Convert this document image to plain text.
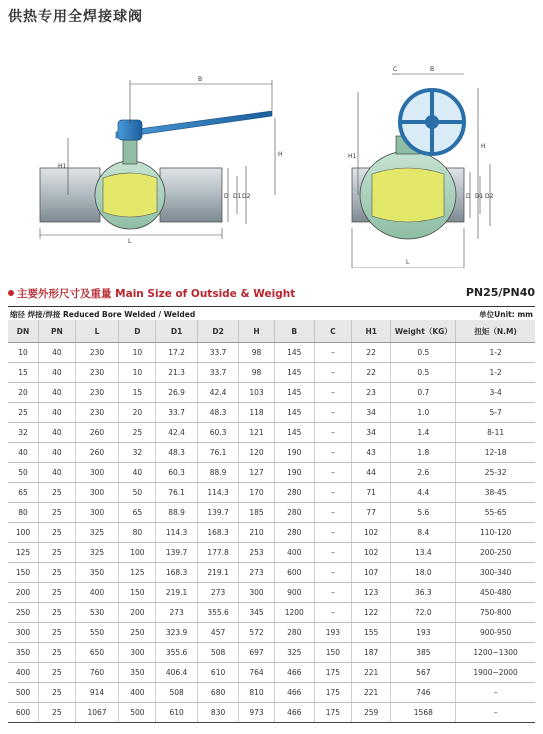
供热专用全焊接球阀
B
H1
H
D D1 D2
L
C	B
H
H1
D D1 D2
L
主要外形尺寸及重量 Main Size of Outside & Weight	PN25/PN40
缩径 焊接/焊接 Reduced Bore Welded / Welded	单位Unit: mm
DN	PN	L	D	D1	D2	H	B	C	H1	Weight（KG）	扭矩（N.M)
10	40	230	10	17.2	33.7	98	145	–	22	0.5	1-2
15	40	230	10	21.3	33.7	98	145	–	22	0.5	1-2
20	40	230	15	26.9	42.4	103	145	–	23	0.7	3-4
25	40	230	20	33.7	48.3	118	145	–	34	1.0	5-7
32	40	260	25	42.4	60.3	121	145	–	34	1.4	8-11
40	40	260	32	48.3	76.1	120	190	–	43	1.8	12-18
50	40	300	40	60.3	88.9	127	190	–	44	2.6	25-32
65	25	300	50	76.1	114.3	170	280	–	71	4.4	38-45
80	25	300	65	88.9	139.7	185	280	–	77	5.6	55-65
100	25	325	80	114.3	168.3	210	280	–	102	8.4	110-120
125	25	325	100	139.7	177.8	253	400	–	102	13.4	200-250
150	25	350	125	168.3	219.1	273	600	–	107	18.0	300-340
200	25	400	150	219.1	273	300	900	–	123	36.3	450-480
250	25	530	200	273	355.6	345	1200	–	122	72.0	750-800
300	25	550	250	323.9	457	572	280	193	155	193	900-950
350	25	650	300	355.6	508	697	325	150	187	385	1200~1300
400	25	760	350	406.4	610	764	466	175	221	567	1900~2000
500	25	914	400	508	680	810	466	175	221	746	–
600	25	1067	500	610	830	973	466	175	259	1568	–
